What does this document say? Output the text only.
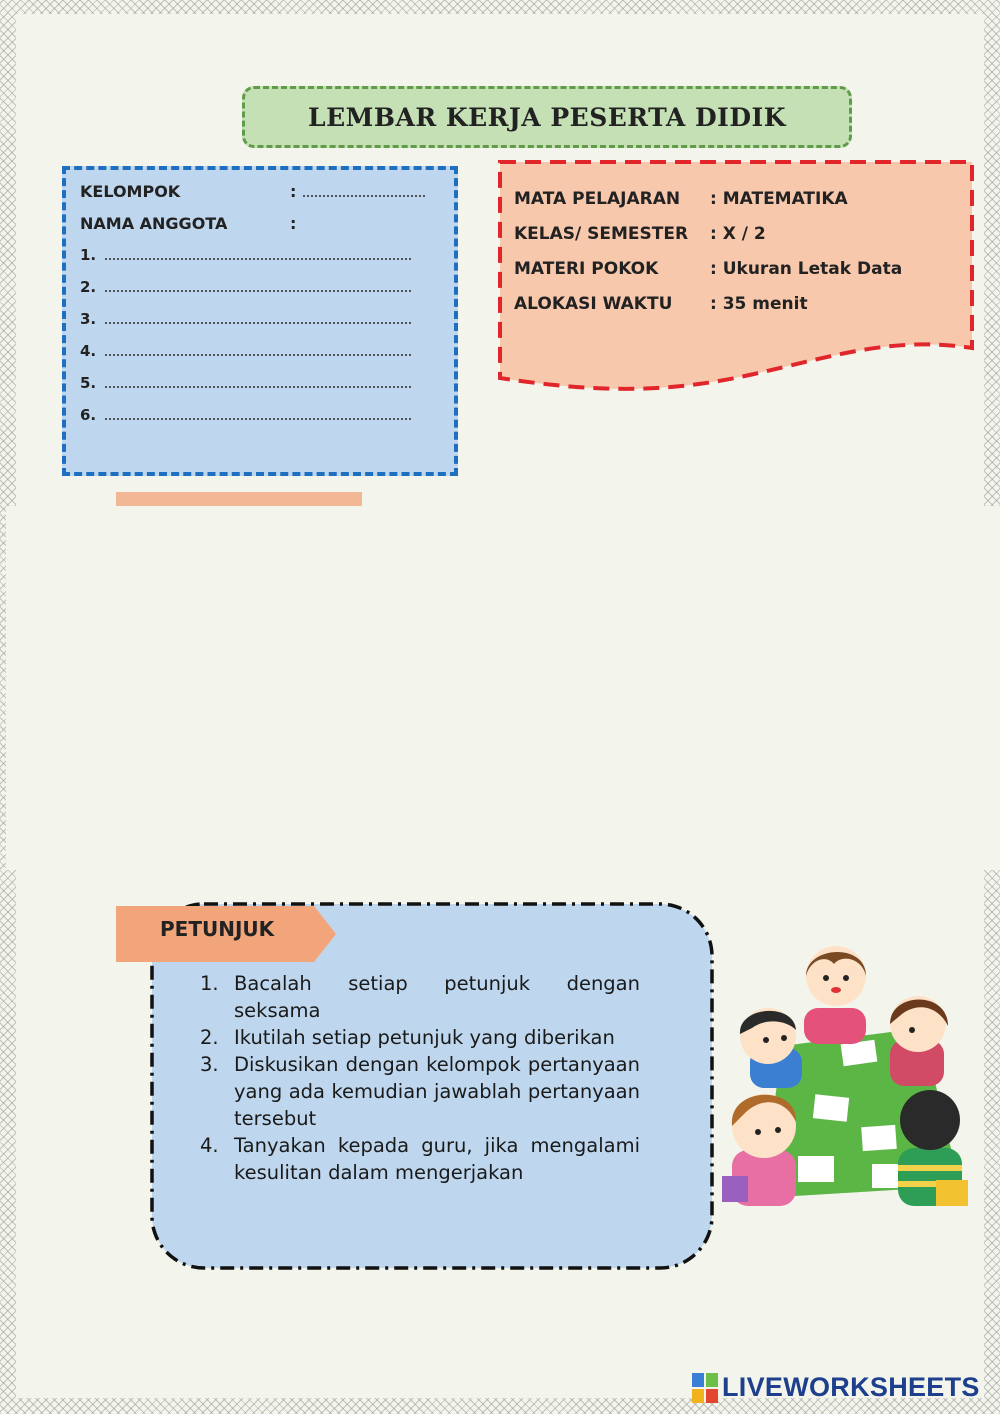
LEMBAR KERJA PESERTA DIDIK
KELOMPOK	:
NAMA ANGGOTA	:
1.
2.
3.
4.
5.
6.
MATA PELAJARAN : MATEMATIKA
KELAS/ SEMESTER : X / 2
MATERI POKOK	: Ukuran Letak Data
ALOKASI WAKTU : 35 menit
PETUNJUK
1. Bacalah setiap petunjuk dengan seksama
2. Ikutilah setiap petunjuk yang diberikan
3. Diskusikan dengan kelompok pertanyaan yang ada kemudian jawablah pertanyaan tersebut
4. Tanyakan kepada guru, jika mengalami kesulitan dalam mengerjakan
LIVEWORKSHEETS
